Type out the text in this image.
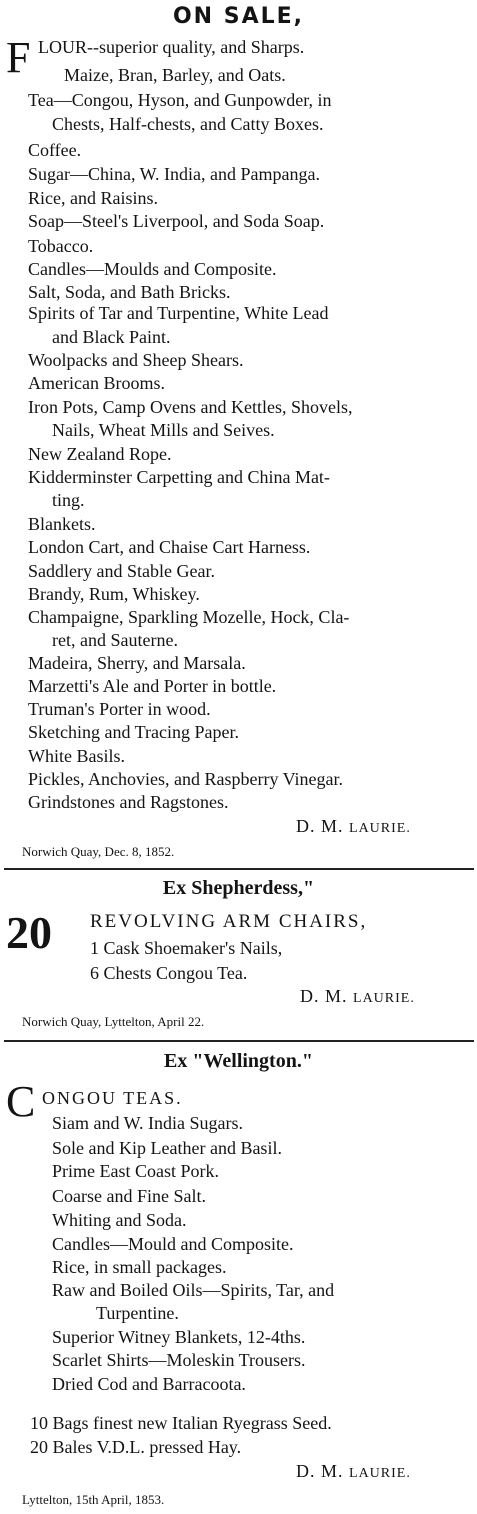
ON SALE,
F LOUR--superior quality, and Sharps.
Maize, Bran, Barley, and Oats.
Tea—Congou, Hyson, and Gunpowder, in
Chests, Half-chests, and Catty Boxes.
Coffee.
Sugar—China, W. India, and Pampanga.
Rice, and Raisins.
Soap—Steel's Liverpool, and Soda Soap.
Tobacco.
Candles—Moulds and Composite.
Salt, Soda, and Bath Bricks.
Spirits of Tar and Turpentine, White Lead
and Black Paint.
Woolpacks and Sheep Shears.
American Brooms.
Iron Pots, Camp Ovens and Kettles, Shovels,
Nails, Wheat Mills and Seives.
New Zealand Rope.
Kidderminster Carpetting and China Mat-
ting.
Blankets.
London Cart, and Chaise Cart Harness.
Saddlery and Stable Gear.
Brandy, Rum, Whiskey.
Champaigne, Sparkling Mozelle, Hock, Cla-
ret, and Sauterne.
Madeira, Sherry, and Marsala.
Marzetti's Ale and Porter in bottle.
Truman's Porter in wood.
Sketching and Tracing Paper.
White Basils.
Pickles, Anchovies, and Raspberry Vinegar.
Grindstones and Ragstones.
D. M. LAURIE.
Norwich Quay, Dec. 8, 1852.
Ex Shepherdess,"
20 REVOLVING ARM CHAIRS,
1 Cask Shoemaker's Nails,
6 Chests Congou Tea.
D. M. LAURIE.
Norwich Quay, Lyttelton, April 22.
Ex "Wellington."
C ONGOU TEAS.
Siam and W. India Sugars.
Sole and Kip Leather and Basil.
Prime East Coast Pork.
Coarse and Fine Salt.
Whiting and Soda.
Candles—Mould and Composite.
Rice, in small packages.
Raw and Boiled Oils—Spirits, Tar, and
Turpentine.
Superior Witney Blankets, 12-4ths.
Scarlet Shirts—Moleskin Trousers.
Dried Cod and Barracoota.
10 Bags finest new Italian Ryegrass Seed.
20 Bales V.D.L. pressed Hay.
D. M. LAURIE.
Lyttelton, 15th April, 1853.
